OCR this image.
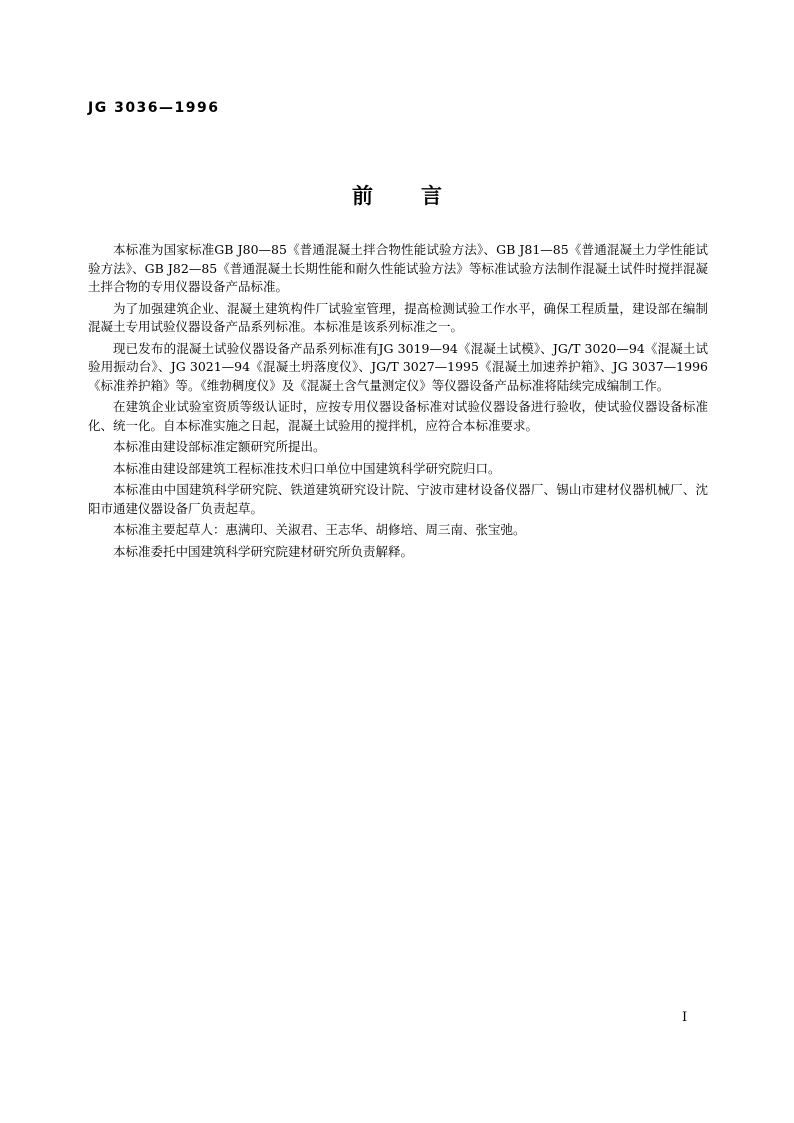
JG 3036—1996
前言

本标准为国家标准GB J80—85《普通混凝土拌合物性能试验方法》、GB J81—85《普通混凝土力学性能试验方法》、GB J82—85《普通混凝土长期性能和耐久性能试验方法》等标准试验方法制作混凝土试件时搅拌混凝土拌合物的专用仪器设备产品标准。

为了加强建筑企业、混凝土建筑构件厂试验室管理，提高检测试验工作水平，确保工程质量，建设部在编制混凝土专用试验仪器设备产品系列标准。本标准是该系列标准之一。

现已发布的混凝土试验仪器设备产品系列标准有JG 3019—94《混凝土试模》、JG/T 3020—94《混凝土试验用振动台》、JG 3021—94《混凝土坍落度仪》、JG/T 3027—1995《混凝土加速养护箱》、JG 3037—1996《标准养护箱》等。《维勃稠度仪》及《混凝土含气量测定仪》等仪器设备产品标准将陆续完成编制工作。

在建筑企业试验室资质等级认证时，应按专用仪器设备标准对试验仪器设备进行验收，使试验仪器设备标准化、统一化。自本标准实施之日起，混凝土试验用的搅拌机，应符合本标准要求。

本标准由建设部标准定额研究所提出。

本标准由建设部建筑工程标准技术归口单位中国建筑科学研究院归口。

本标准由中国建筑科学研究院、铁道建筑研究设计院、宁波市建材设备仪器厂、锡山市建材仪器机械厂、沈阳市通建仪器设备厂负责起草。

本标准主要起草人：惠满印、关淑君、王志华、胡修培、周三南、张宝弛。

本标准委托中国建筑科学研究院建材研究所负责解释。

I
